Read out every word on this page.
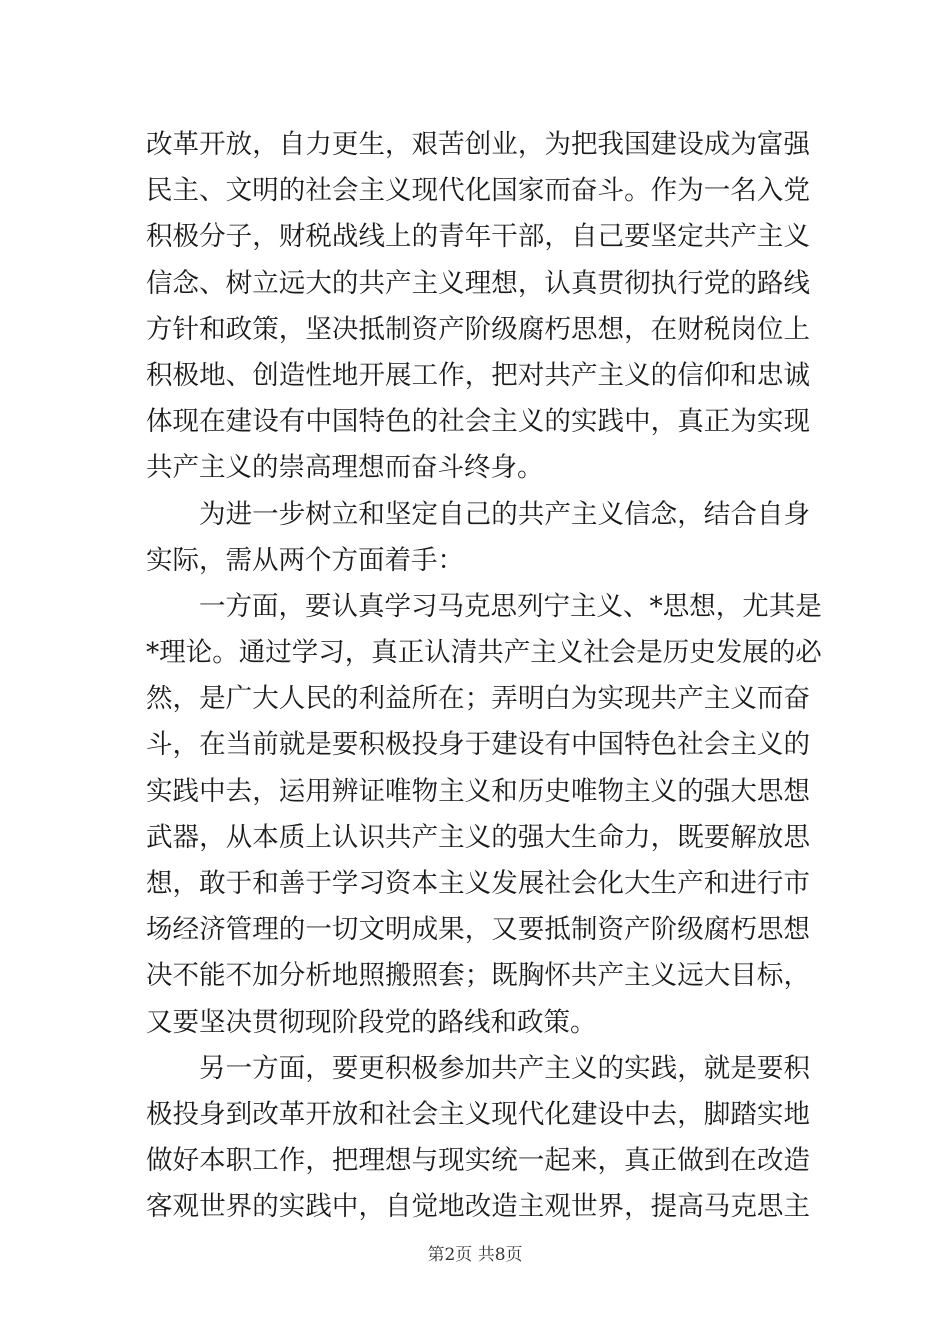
改革开放，自力更生，艰苦创业，为把我国建设成为富强
民主、文明的社会主义现代化国家而奋斗。作为一名入党
积极分子，财税战线上的青年干部，自己要坚定共产主义
信念、树立远大的共产主义理想，认真贯彻执行党的路线
方针和政策，坚决抵制资产阶级腐朽思想，在财税岗位上
积极地、创造性地开展工作，把对共产主义的信仰和忠诚
体现在建设有中国特色的社会主义的实践中，真正为实现
共产主义的崇高理想而奋斗终身。
为进一步树立和坚定自己的共产主义信念，结合自身
实际，需从两个方面着手：
一方面，要认真学习马克思列宁主义、*思想，尤其是
*理论。通过学习，真正认清共产主义社会是历史发展的必
然，是广大人民的利益所在；弄明白为实现共产主义而奋
斗，在当前就是要积极投身于建设有中国特色社会主义的
实践中去，运用辨证唯物主义和历史唯物主义的强大思想
武器，从本质上认识共产主义的强大生命力，既要解放思
想，敢于和善于学习资本主义发展社会化大生产和进行市
场经济管理的一切文明成果，又要抵制资产阶级腐朽思想
决不能不加分析地照搬照套；既胸怀共产主义远大目标，
又要坚决贯彻现阶段党的路线和政策。
另一方面，要更积极参加共产主义的实践，就是要积
极投身到改革开放和社会主义现代化建设中去，脚踏实地
做好本职工作，把理想与现实统一起来，真正做到在改造
客观世界的实践中，自觉地改造主观世界，提高马克思主
第2页 共8页
